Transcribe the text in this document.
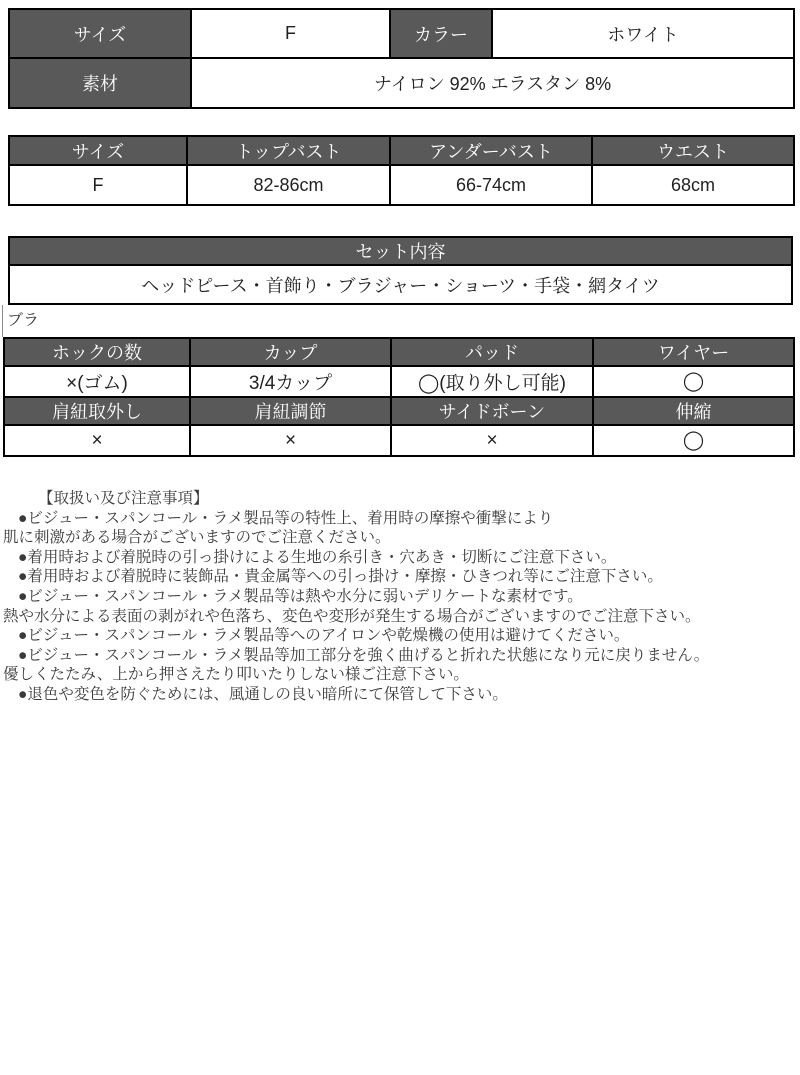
サイズ	F	カラー	ホワイト
素材	ナイロン 92% エラスタン 8%		
サイズ	トップバスト	アンダーバスト	ウエスト
F	82-86cm	66-74cm	68cm
セット内容
ヘッドピース・首飾り・ブラジャー・ショーツ・手袋・網タイツ
ブラ
ホックの数	カップ	パッド	ワイヤー
×(ゴム)	3/4カップ	◯(取り外し可能)	◯
肩紐取外し	肩紐調節	サイドボーン	伸縮
×	×	×	◯
【取扱い及び注意事項】
●ビジュー・スパンコール・ラメ製品等の特性上、着用時の摩擦や衝撃により
肌に刺激がある場合がございますのでご注意ください。
●着用時および着脱時の引っ掛けによる生地の糸引き・穴あき・切断にご注意下さい。
●着用時および着脱時に装飾品・貴金属等への引っ掛け・摩擦・ひきつれ等にご注意下さい。
●ビジュー・スパンコール・ラメ製品等は熱や水分に弱いデリケートな素材です。
熱や水分による表面の剥がれや色落ち、変色や変形が発生する場合がございますのでご注意下さい。
●ビジュー・スパンコール・ラメ製品等へのアイロンや乾燥機の使用は避けてください。
●ビジュー・スパンコール・ラメ製品等加工部分を強く曲げると折れた状態になり元に戻りません。
優しくたたみ、上から押さえたり叩いたりしない様ご注意下さい。
●退色や変色を防ぐためには、風通しの良い暗所にて保管して下さい。
